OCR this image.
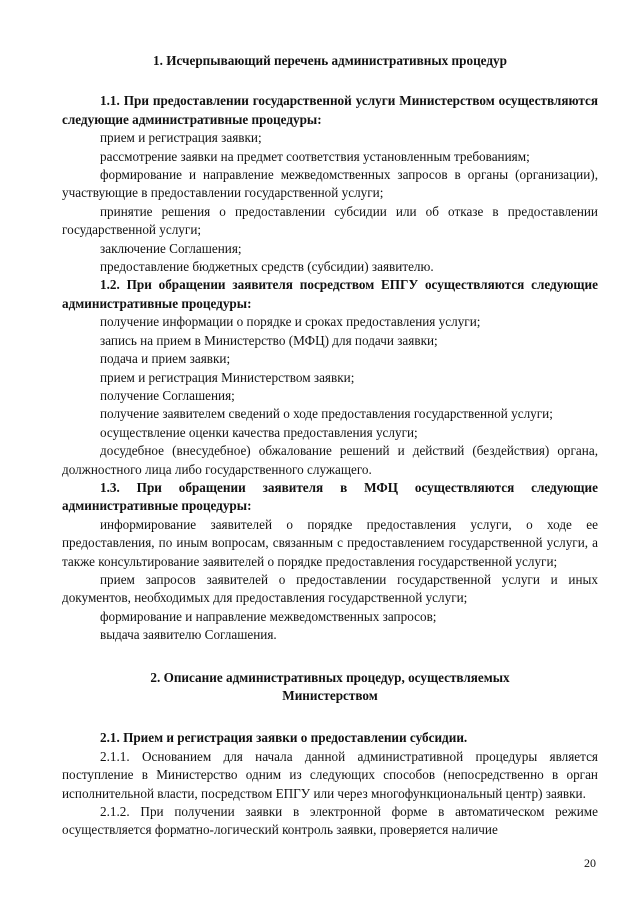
1. Исчерпывающий перечень административных процедур

1.1. При предоставлении государственной услуги Министерством осуществляются следующие административные процедуры:

прием и регистрация заявки;

рассмотрение заявки на предмет соответствия установленным требованиям;

формирование и направление межведомственных запросов в органы (организации), участвующие в предоставлении государственной услуги;

принятие решения о предоставлении субсидии или об отказе в предоставлении государственной услуги;

заключение Соглашения;

предоставление бюджетных средств (субсидии) заявителю.

1.2. При обращении заявителя посредством ЕПГУ осуществляются следующие административные процедуры:

получение информации о порядке и сроках предоставления услуги;

запись на прием в Министерство (МФЦ) для подачи заявки;

подача и прием заявки;

прием и регистрация Министерством заявки;

получение Соглашения;

получение заявителем сведений о ходе предоставления государственной услуги;

осуществление оценки качества предоставления услуги;

досудебное (внесудебное) обжалование решений и действий (бездействия) органа, должностного лица либо государственного служащего.

1.3. При обращении заявителя в МФЦ осуществляются следующие административные процедуры:

информирование заявителей о порядке предоставления услуги, о ходе ее предоставления, по иным вопросам, связанным с предоставлением государственной услуги, а также консультирование заявителей о порядке предоставления государственной услуги;

прием запросов заявителей о предоставлении государственной услуги и иных документов, необходимых для предоставления государственной услуги;

формирование и направление межведомственных запросов;

выдача заявителю Соглашения.

2. Описание административных процедур, осуществляемых

Министерством

2.1. Прием и регистрация заявки о предоставлении субсидии.

2.1.1. Основанием для начала данной административной процедуры является поступление в Министерство одним из следующих способов (непосредственно в орган исполнительной власти, посредством ЕПГУ или через многофункциональный центр) заявки.

2.1.2. При получении заявки в электронной форме в автоматическом режиме осуществляется форматно-логический контроль заявки, проверяется наличие

20
